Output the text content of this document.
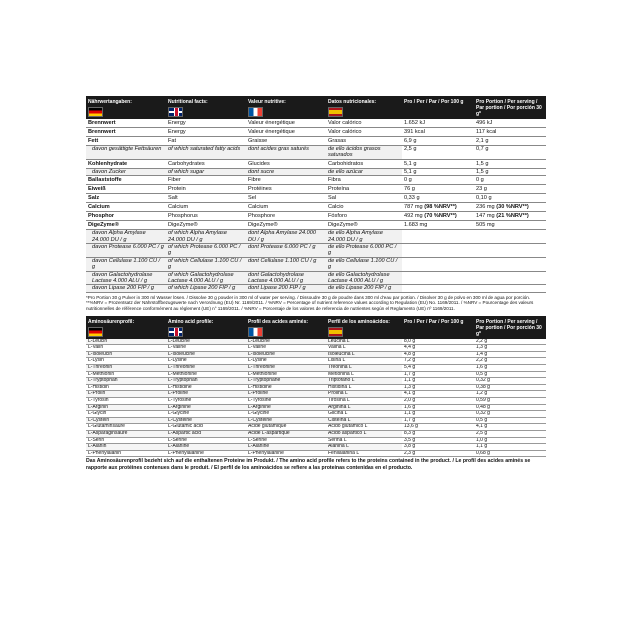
Nährwertangaben:	Nutritional facts:	Valeur nutritive:	Datos nutricionales:	Pro / Per / Par / Por 100 g	Pro Portion / Per serving / Par portion / Por porción 30 g*
Brennwert	Energy	Valeur énergétique	Valor calórico	1.652 kJ	496 kJ
Brennwert	Energy	Valeur énergétique	Valor calórico	391 kcal	117 kcal
Fett	Fat	Graisse	Grasas	6,9 g	2,1 g
davon gesättigte Fettsäuren	of which saturated fatty acids	dont acides gras saturés	de ello ácidos grasos saturados	2,5 g	0,7 g
Kohlenhydrate	Carbohydrates	Glucides	Carbohidratos	5,1 g	1,5 g
davon Zucker	of which sugar	dont sucre	de ello azúcar	5,1 g	1,5 g
Ballaststoffe	Fiber	Fibre	Fibra	0 g	0 g
Eiweiß	Protein	Protéines	Proteína	76 g	23 g
Salz	Salt	Sel	Sal	0,33 g	0,10 g
Calcium	Calcium	Calcium	Calcio	787 mg (98 %NRV**)	236 mg (30 %NRV**)
Phosphor	Phosphorus	Phosphore	Fósforo	492 mg (70 %NRV**)	147 mg (21 %NRV**)
DigeZyme®	DigeZyme®	DigeZyme®	DigeZyme®	1.683 mg	505 mg
davon Alpha Amylase 24.000 DU / g	of which Alpha Amylase 24.000 DU / g	dont Alpha Amylase 24.000 DU / g	de ello Alpha Amylase 24.000 DU / g		
davon Protease 6.000 PC / g	of which Protease 6.000 PC / g	dont Protease 6.000 PC / g	de ello Protease 6.000 PC / g		
davon Cellulase 1.100 CU / g	of which Cellulase 1.100 CU / g	dont Cellulase 1.100 CU / g	de ello Cellulase 1.100 CU / g		
davon Galactohydrolase Lactase 4.000 ALU / g	of which Galactohydrolase Lactase 4.000 ALU / g	dont Galactohydrolase Lactase 4.000 ALU / g	de ello Galactohydrolase Lactase 4.000 ALU / g		
davon Lipase 200 FIP / g	of which Lipase 200 FIP / g	dont Lipase 200 FIP / g	de ello Lipase 200 FIP / g		
*Pro Portion 30 g Pulver in 300 ml Wasser lösen. / Dissolve 30 g powder in 300 ml of water per serving. / Dissoudre 30 g de poudre dans 300 ml d’eau par portion. / Disolver 30 g de polvo en 300 ml de agua por porción. **%NRV = Prozentsatz der Nährstoffbezugswerte nach Verordnung (EU) Nr. 1169/2011. / %NRV = Percentage of nutrient reference values according to Regulation (EU) No. 1169/2011. / %NRV = Pourcentage des valeurs nutritionnelles de référence conformément au règlement (UE) n° 1169/2011. / %NRV = Porcentaje de los valores de referencia de nutrientes según el Reglamento (UE) nº 1169/2011.
Aminosäurenprofil:	Amino acid profile:	Profil des acides aminés:	Perfil de los aminoácidos:	Pro / Per / Par / Por 100 g	Pro Portion / Per serving / Par portion / Por porción 30 g*
L-Leucin	L-Leucine	L-Leucine	Leucina L	8,0 g	2,2 g
L-Valin	L-Valine	L-Valine	Valina L	4,4 g	1,3 g
L-Isoleucin	L-Isoleucine	L-Isoleucine	Isoleucina L	4,8 g	1,4 g
L-Lysin	L-Lysine	L-Lysine	Lisina L	7,2 g	2,2 g
L-Threonin	L-Threonine	L-Thréonine	Treonina L	5,4 g	1,6 g
L-Methionin	L-Methionine	L-Méthionine	Metionina L	1,7 g	0,5 g
L-Tryptophan	L-Tryptophan	L-Tryptophane	Triptófano L	1,1 g	0,32 g
L-Histidin	L-Histidine	L-Histidine	Histidina L	1,3 g	0,38 g
L-Prolin	L-Proline	L-Proline	Prolina L	4,1 g	1,2 g
L-Tyrosin	L-Tyrosine	L-Tyrosine	Tirosina L	2,0 g	0,59 g
L-Arginin	L-Arginine	L-Arginine	Arginina L	1,6 g	0,48 g
L-Glycin	L-Glycine	L-Glycine	Glicina L	1,1 g	0,32 g
L-Cystein	L-Cysteine	L-Cystéine	Cisteína L	1,7 g	0,5 g
L-Glutaminsäure	L-Glutamic acid	Acide glutamique	Ácido glutámico L	13,6 g	4,1 g
L-Asparaginsäure	L-Aspartic acid	Acide L-aspartique	Ácido aspártico L	8,3 g	2,5 g
L-Serin	L-Serine	L-Sérine	Serina L	3,5 g	1,0 g
L-Alanin	L-Alanine	L-Alanine	Alanina L	3,8 g	1,1 g
L-Phenylalanin	L-Phenylalanine	L-Phénylalanine	Fenilalanina L	2,3 g	0,68 g
Das Aminosäurenprofil bezieht sich auf die enthaltenen Proteine im Produkt. / The amino acid profile refers to the proteins contained in the product. / Le profil des acides aminés se rapporte aux protéines contenues dans le produit. / El perfil de los aminoácidos se refiere a las proteínas contenidas en el producto.
